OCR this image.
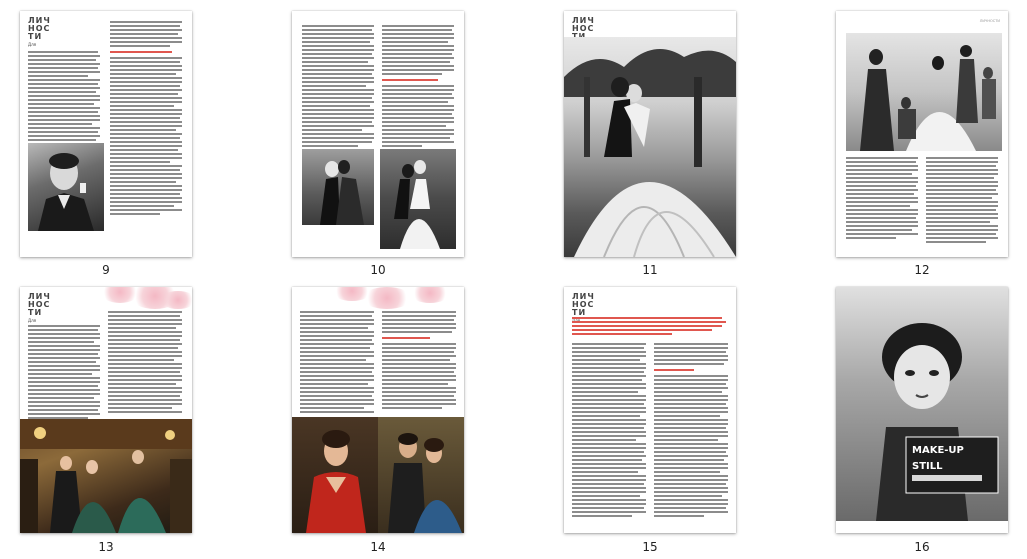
ЛИЧ
НОС
ТИ
Для
9	10
ЛИЧ
НОС
11
ЛИЧНОСТИ
12
ЛИЧ
НОС
ТИ
Для
13	14
ЛИЧ
НОС
ТИ
15
MAKE-UP
STILL
16
